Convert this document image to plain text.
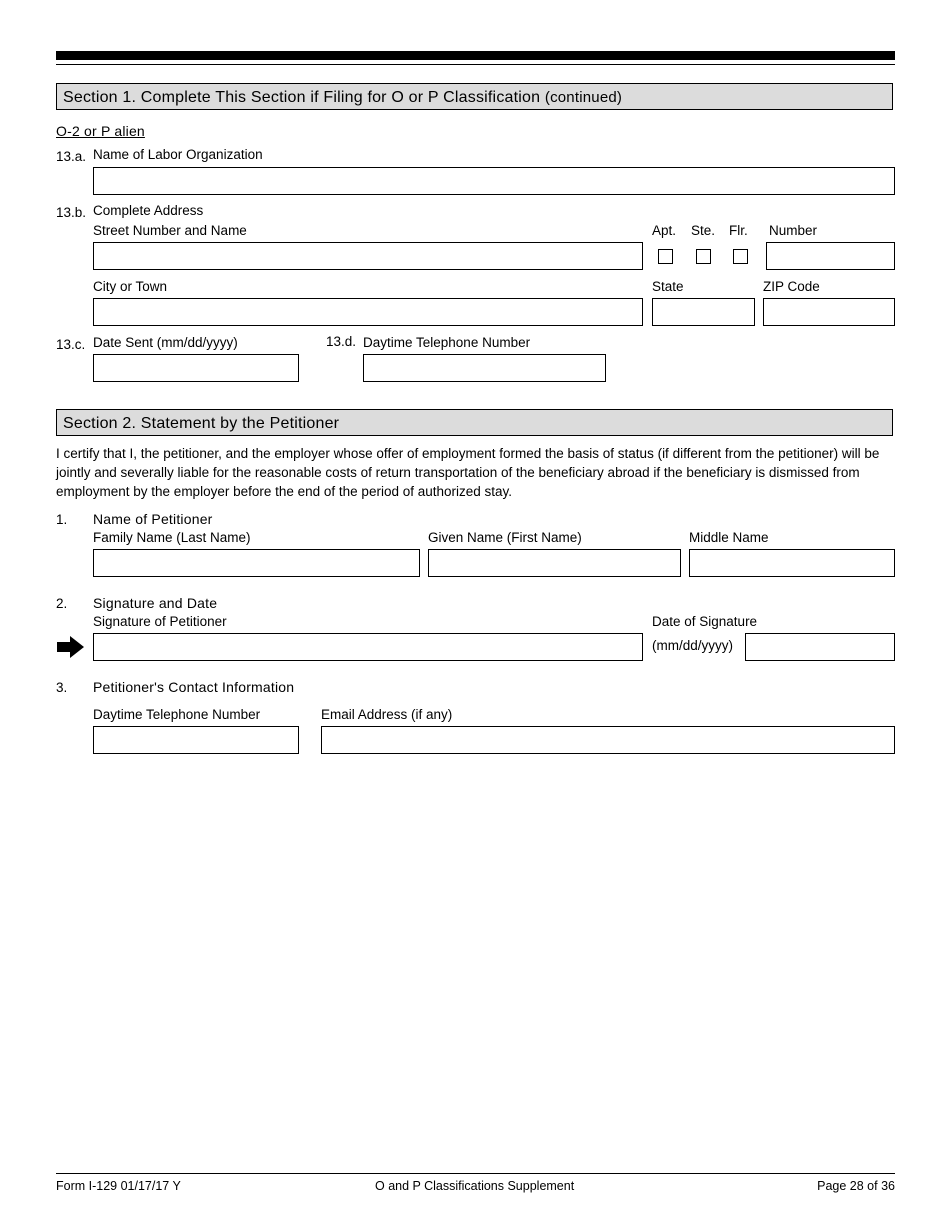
Section 1. Complete This Section if Filing for O or P Classification (continued)
O-2 or P alien
13.a. Name of Labor Organization
13.b. Complete Address
Street Number and Name	Apt. Ste. Flr. Number
City or Town	State	ZIP Code
13.c. Date Sent (mm/dd/yyyy)	13.d. Daytime Telephone Number
Section 2. Statement by the Petitioner
I certify that I, the petitioner, and the employer whose offer of employment formed the basis of status (if different from the petitioner) will be jointly and severally liable for the reasonable costs of return transportation of the beneficiary abroad if the beneficiary is dismissed from employment by the employer before the end of the period of authorized stay.
1. Name of Petitioner
Family Name (Last Name)	Given Name (First Name)	Middle Name
2. Signature and Date
Signature of Petitioner	Date of Signature
(mm/dd/yyyy)
3. Petitioner's Contact Information
Daytime Telephone Number	Email Address (if any)
Form I-129 01/17/17 Y	O and P Classifications Supplement	Page 28 of 36
